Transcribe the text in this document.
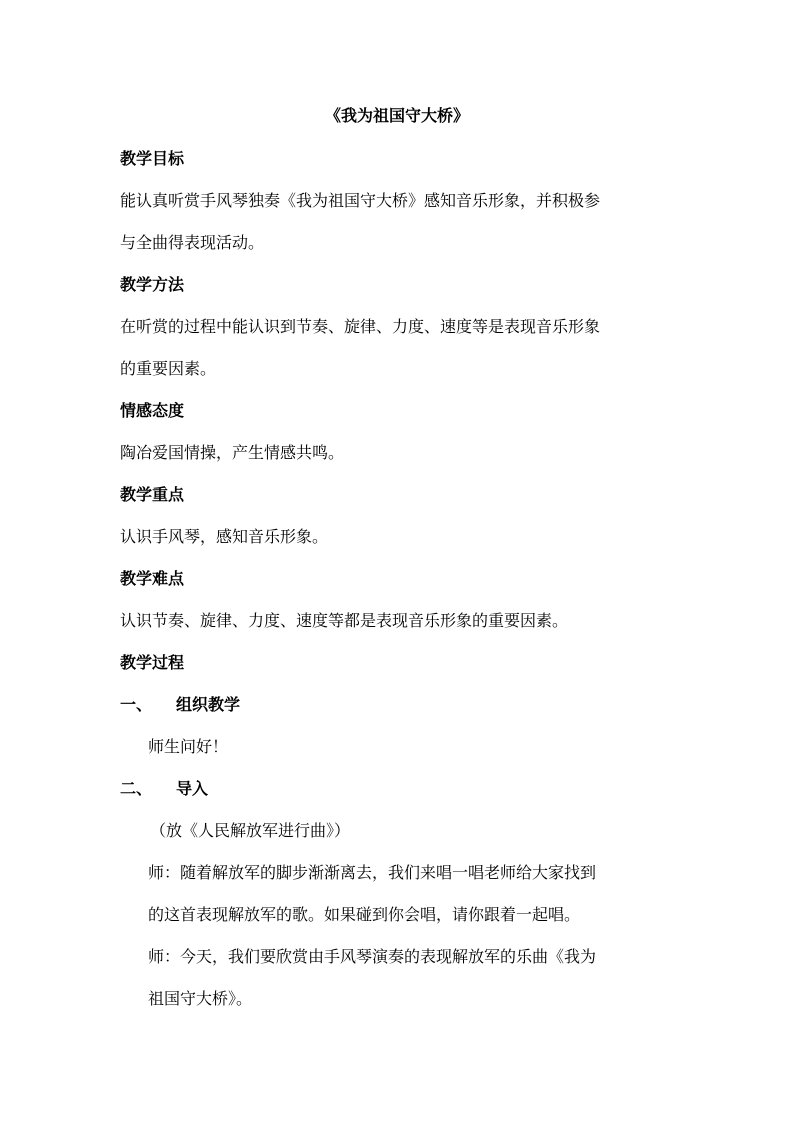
《我为祖国守大桥》
教学目标
能认真听赏手风琴独奏《我为祖国守大桥》感知音乐形象，并积极参
与全曲得表现活动。
教学方法
在听赏的过程中能认识到节奏、旋律、力度、速度等是表现音乐形象
的重要因素。
情感态度
陶冶爱国情操，产生情感共鸣。
教学重点
认识手风琴，感知音乐形象。
教学难点
认识节奏、旋律、力度、速度等都是表现音乐形象的重要因素。
教学过程
一、 组织教学
师生问好！
二、 导入
（放《人民解放军进行曲》）
师：随着解放军的脚步渐渐离去，我们来唱一唱老师给大家找到
的这首表现解放军的歌。如果碰到你会唱，请你跟着一起唱。
师：今天，我们要欣赏由手风琴演奏的表现解放军的乐曲《我为
祖国守大桥》。
